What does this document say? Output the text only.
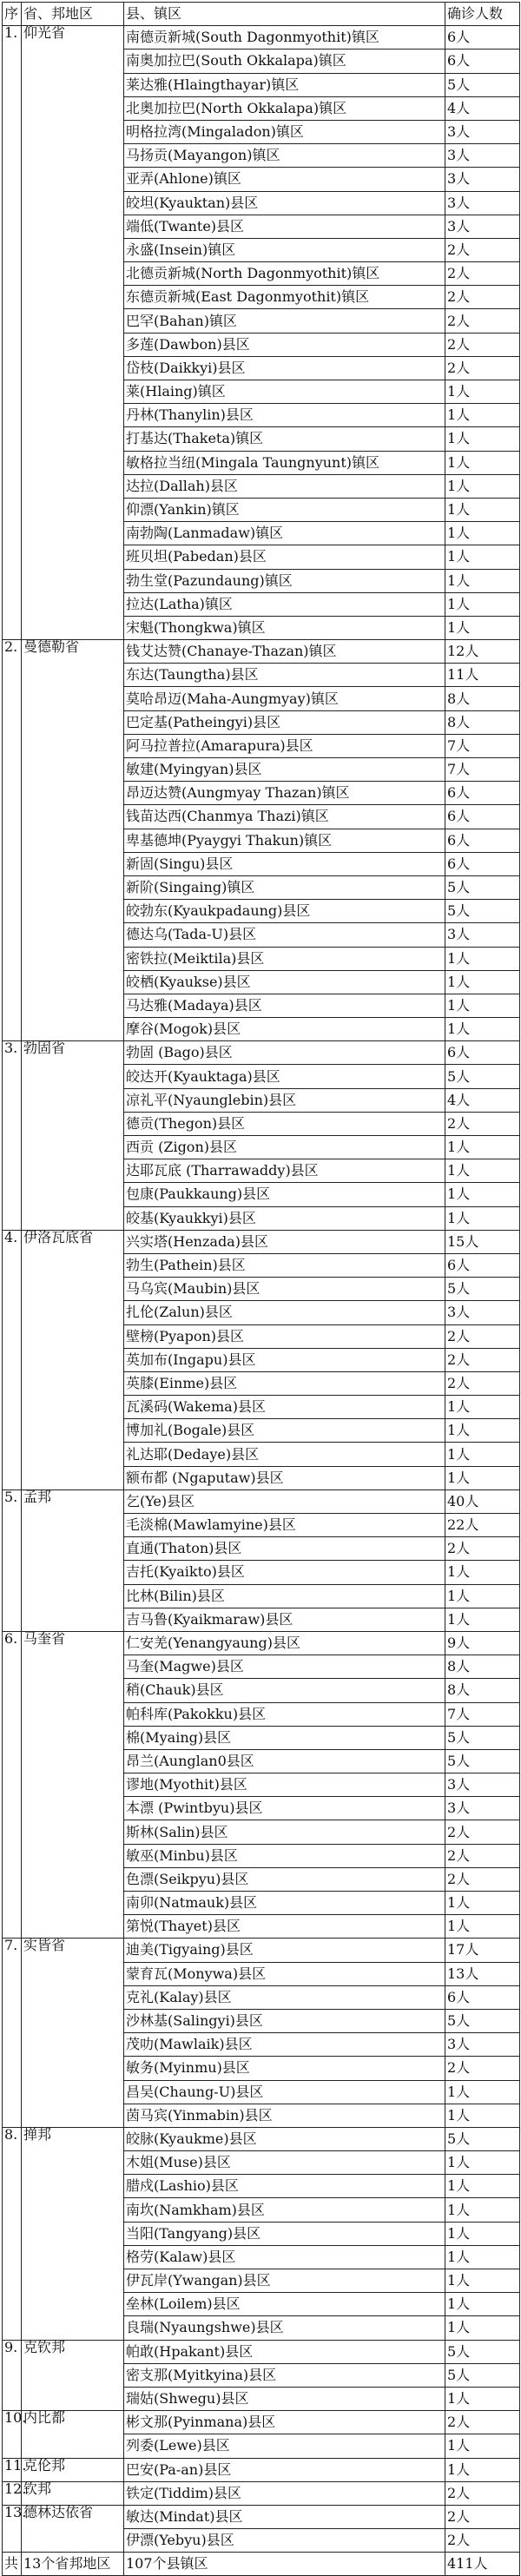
序	省、邦地区	县、镇区	确诊人数
1.	仰光省	南德贡新城(South Dagonmyothit)镇区	6人
		南奥加拉巴(South Okkalapa)镇区	6人
		莱达雅(Hlaingthayar)镇区	5人
		北奥加拉巴(North Okkalapa)镇区	4人
		明格拉湾(Mingaladon)镇区	3人
		马扬贡(Mayangon)镇区	3人
		亚弄(Ahlone)镇区	3人
		皎坦(Kyauktan)县区	3人
		端低(Twante)县区	3人
		永盛(Insein)镇区	2人
		北德贡新城(North Dagonmyothit)镇区	2人
		东德贡新城(East Dagonmyothit)镇区	2人
		巴罕(Bahan)镇区	2人
		多莲(Dawbon)县区	2人
		岱枝(Daikkyi)县区	2人
		莱(Hlaing)镇区	1人
		丹林(Thanylin)县区	1人
		打基达(Thaketa)镇区	1人
		敏格拉当纽(Mingala Taungnyunt)镇区	1人
		达拉(Dallah)县区	1人
		仰漂(Yankin)镇区	1人
		南勃陶(Lanmadaw)镇区	1人
		班贝坦(Pabedan)县区	1人
		勃生堂(Pazundaung)镇区	1人
		拉达(Latha)镇区	1人
		宋魁(Thongkwa)镇区	1人
2.	曼德勒省	钱艾达赞(Chanaye-Thazan)镇区	12人
		东达(Taungtha)县区	11人
		莫哈昂迈(Maha-Aungmyay)镇区	8人
		巴定基(Patheingyi)县区	8人
		阿马拉普拉(Amarapura)县区	7人
		敏建(Myingyan)县区	7人
		昂迈达赞(Aungmyay Thazan)镇区	6人
		钱苗达西(Chanmya Thazi)镇区	6人
		卑基德坤(Pyaygyi Thakun)镇区	6人
		新固(Singu)县区	6人
		新阶(Singaing)镇区	5人
		皎勃东(Kyaukpadaung)县区	5人
		德达乌(Tada-U)县区	3人
		密铁拉(Meiktila)县区	1人
		皎栖(Kyaukse)县区	1人
		马达雅(Madaya)县区	1人
		摩谷(Mogok)县区	1人
3.	勃固省	勃固 (Bago)县区	6人
		皎达开(Kyauktaga)县区	5人
		凉礼平(Nyaunglebin)县区	4人
		德贡(Thegon)县区	2人
		西贡 (Zigon)县区	1人
		达耶瓦底 (Tharrawaddy)县区	1人
		包康(Paukkaung)县区	1人
		皎基(Kyaukkyi)县区	1人
4.	伊洛瓦底省	兴实塔(Henzada)县区	15人
		勃生(Pathein)县区	6人
		马乌宾(Maubin)县区	5人
		扎伦(Zalun)县区	3人
		壁榜(Pyapon)县区	2人
		英加布(Ingapu)县区	2人
		英膝(Einme)县区	2人
		瓦溪码(Wakema)县区	1人
		博加礼(Bogale)县区	1人
		礼达耶(Dedaye)县区	1人
		额布都 (Ngaputaw)县区	1人
5.	孟邦	乞(Ye)县区	40人
		毛淡棉(Mawlamyine)县区	22人
		直通(Thaton)县区	2人
		吉托(Kyaikto)县区	1人
		比林(Bilin)县区	1人
		吉马鲁(Kyaikmaraw)县区	1人
6.	马奎省	仁安羌(Yenangyaung)县区	9人
		马奎(Magwe)县区	8人
		稍(Chauk)县区	8人
		帕科库(Pakokku)县区	7人
		棉(Myaing)县区	5人
		昂兰(Aunglan0县区	5人
		谬地(Myothit)县区	3人
		本漂 (Pwintbyu)县区	3人
		斯林(Salin)县区	2人
		敏巫(Minbu)县区	2人
		色漂(Seikpyu)县区	2人
		南卯(Natmauk)县区	1人
		第悦(Thayet)县区	1人
7.	实皆省	迪美(Tigyaing)县区	17人
		蒙育瓦(Monywa)县区	13人
		克礼(Kalay)县区	6人
		沙林基(Salingyi)县区	5人
		茂叻(Mawlaik)县区	3人
		敏务(Myinmu)县区	2人
		昌吴(Chaung-U)县区	1人
		茵马宾(Yinmabin)县区	1人
8.	掸邦	皎脉(Kyaukme)县区	5人
		木姐(Muse)县区	1人
		腊戍(Lashio)县区	1人
		南坎(Namkham)县区	1人
		当阳(Tangyang)县区	1人
		格劳(Kalaw)县区	1人
		伊瓦岸(Ywangan)县区	1人
		垒林(Loilem)县区	1人
		良瑞(Nyaungshwe)县区	1人
9.	克钦邦	帕敢(Hpakant)县区	5人
		密支那(Myitkyina)县区	5人
		瑞姑(Shwegu)县区	1人
10.	内比都	彬文那(Pyinmana)县区	2人
		列委(Lewe)县区	1人
11.	克伦邦	巴安(Pa-an)县区	1人
12.	钦邦	铁定(Tiddim)县区	2人
13.	德林达依省	敏达(Mindat)县区	2人
		伊漂(Yebyu)县区	2人
共	13个省邦地区	107个县镇区	411人
